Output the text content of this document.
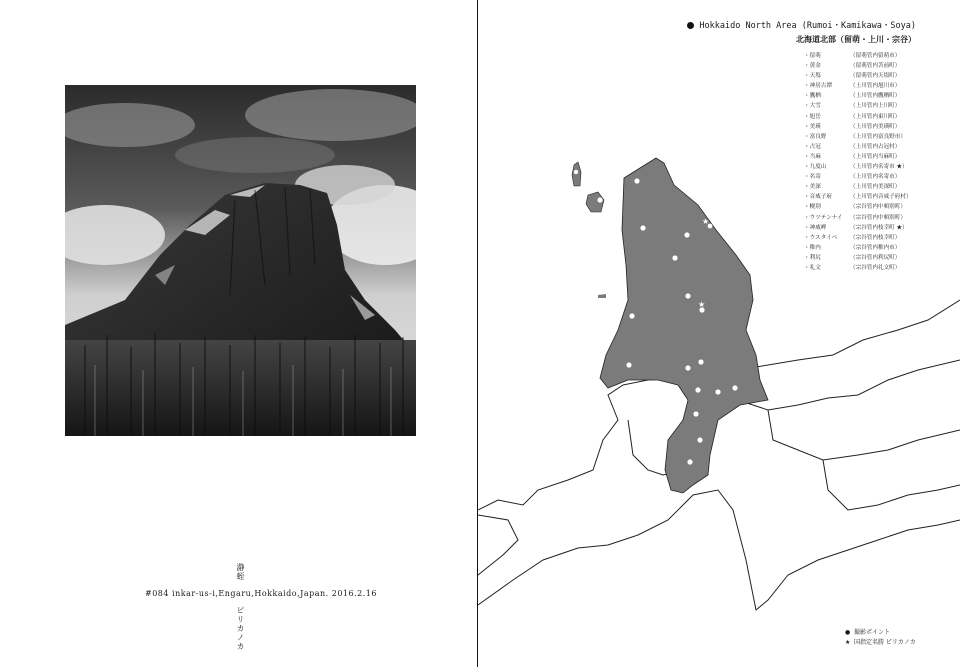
瀞蛭
#084 inkar-us-i,Engaru,Hokkaido,Japan. 2016.2.16
ピリカノカ
★
★
Hokkaido North Area (Rumoi・Kamikawa・Soya)
北海道北部（留萌・上川・宗谷）
・留萌	（留萌管内留萌市）
・黄金	（留萌管内苫前町）
・天塩	（留萌管内天塩町）
・神居古潭	（上川管内旭川市）
・鷹栖	（上川管内鷹栖町）
・大雪	（上川管内上川町）
・旭岳	（上川管内東川町）
・美瑛	（上川管内美瑛町）
・富良野	（上川管内富良野市）
・占冠	（上川管内占冠村）
・当麻	（上川管内当麻町）
・九度山	（上川管内名寄市 ★）
・名寄	（上川管内名寄市）
・美深	（上川管内美深町）
・音威子府	（上川管内音威子府村）
・幌別	（宗谷管内中頓別町）
・ウツテンナイ	（宗谷管内中頓別町）
・神威岬	（宗谷管内枝幸町 ★）
・ウスタイベ	（宗谷管内枝幸町）
・稚内	（宗谷管内稚内市）
・利尻	（宗谷管内利尻町）
・礼文	（宗谷管内礼文町）
● 撮影ポイント
★ 国指定名勝 ピリカノカ
